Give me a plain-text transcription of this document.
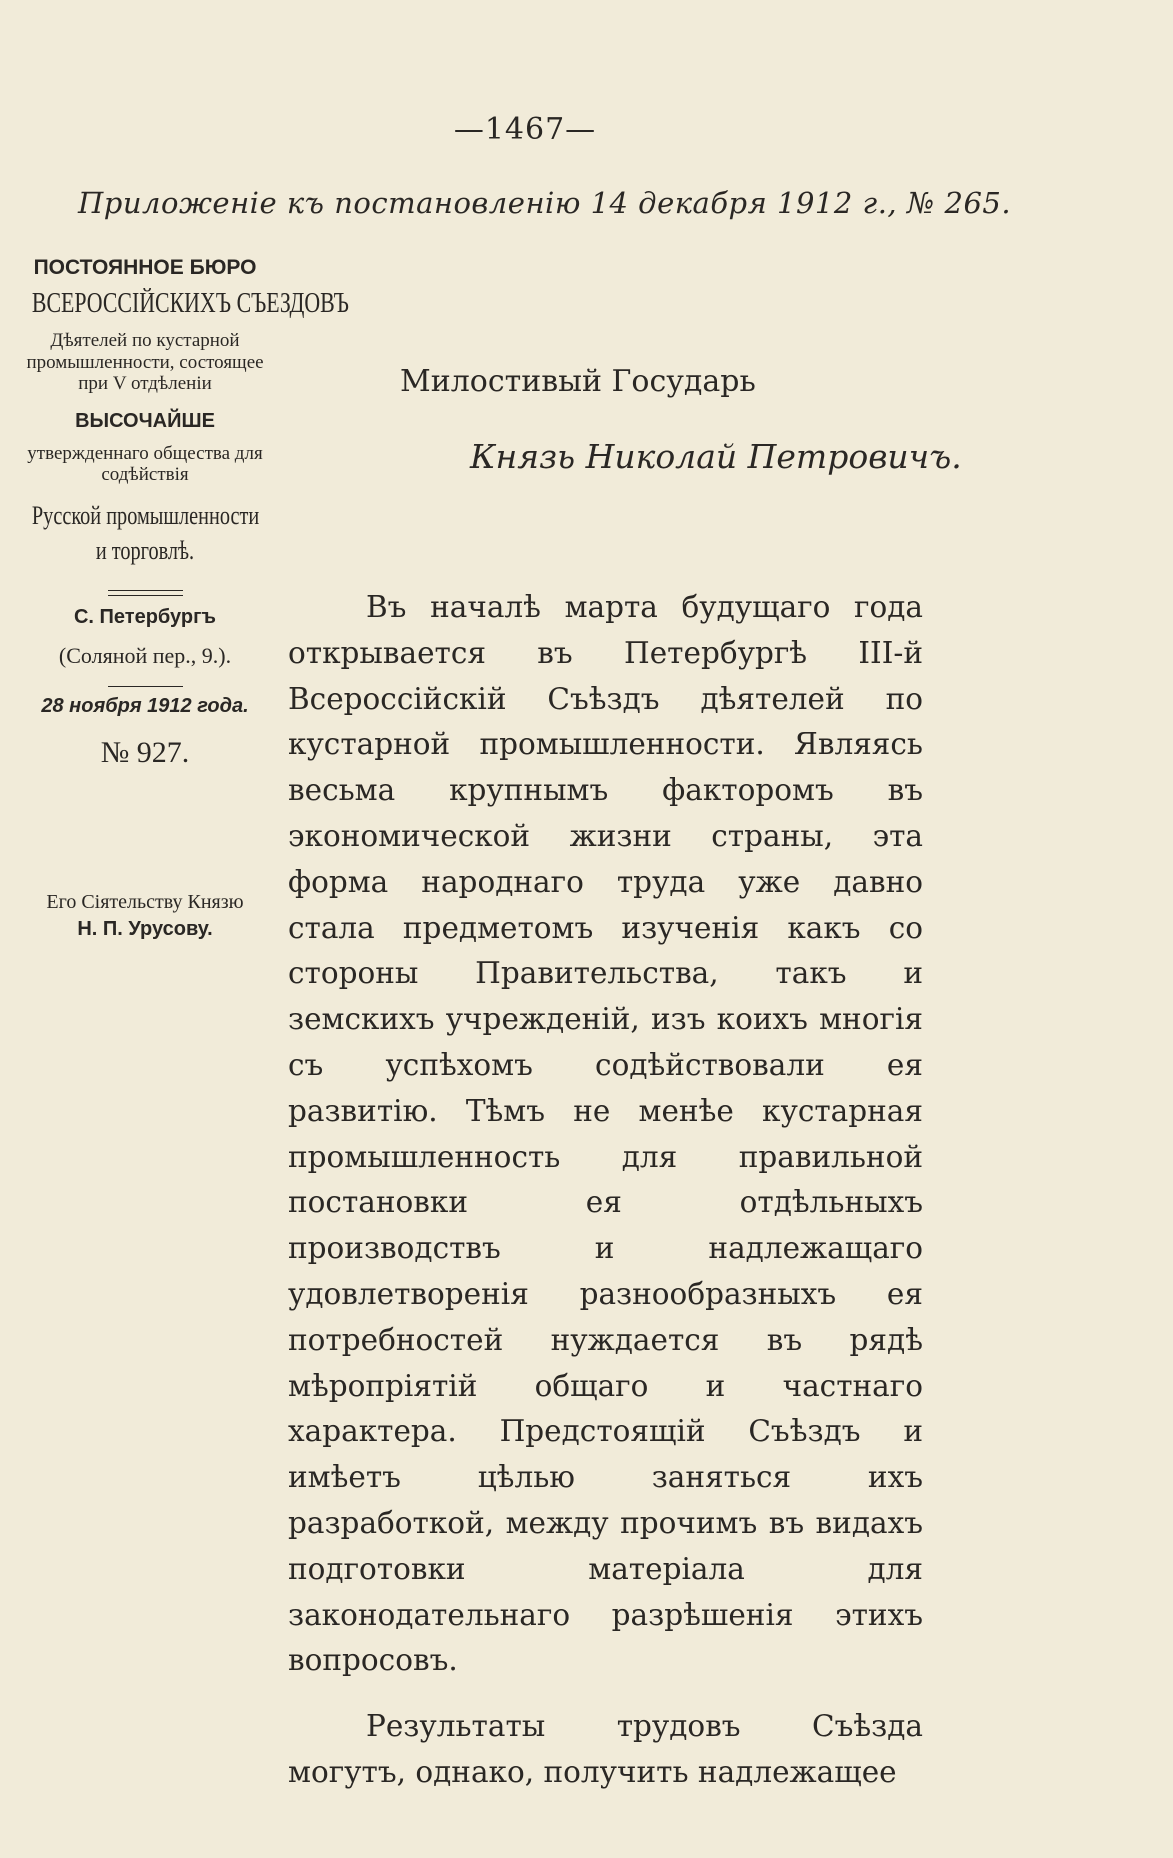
—1467—
Приложеніе къ постановленію 14 декабря 1912 г., № 265.
ПОСТОЯННОЕ БЮРО
ВСЕРОССІЙСКИХЪ СЪЕЗДОВЪ
Дѣятелей по кустарной промышленности, состоящее при V отдѣленіи
ВЫСОЧАЙШЕ
утвержденнаго общества для содѣйствія
Русской промышленности
и торговлѣ.
С. Петербургъ
(Соляной пер., 9.).
28 ноября 1912 года.
№ 927.
Его Сіятельству Князю
Н. П. Урусову.
Милостивый Государь
Князь Николай Петровичъ.

Въ началѣ марта будущаго года открывается въ Петербургѣ III-й Всероссійскій Съѣздъ дѣятелей по кустарной промышленности. Являясь весьма крупнымъ факторомъ въ экономической жизни страны, эта форма народнаго труда уже давно стала предметомъ изученія какъ со стороны Правительства, такъ и земскихъ учрежденій, изъ коихъ многія съ успѣхомъ содѣйствовали ея развитію. Тѣмъ не менѣе кустарная промышленность для правильной постановки ея отдѣльныхъ производствъ и надлежащаго удовлетворенія разнообразныхъ ея потребностей нуждается въ рядѣ мѣропріятій общаго и частнаго характера. Предстоящій Съѣздъ и имѣетъ цѣлью заняться ихъ разработкой, между прочимъ въ видахъ подготовки матеріала для законодательнаго разрѣшенія этихъ вопросовъ.

Результаты трудовъ Съѣзда могутъ, однако, получить надлежащее
